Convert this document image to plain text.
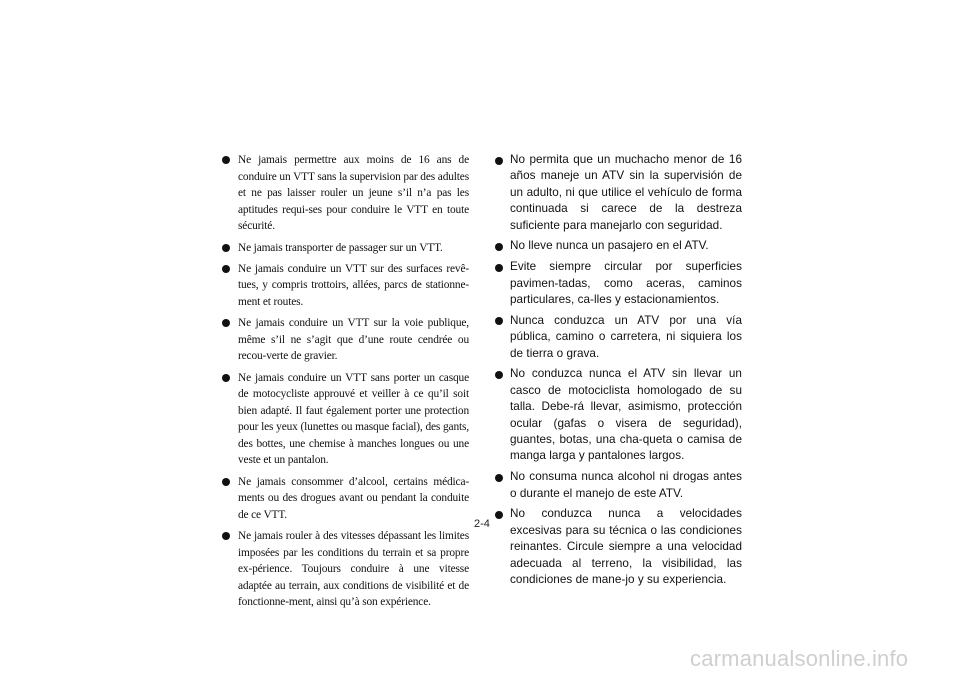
Ne jamais permettre aux moins de 16 ans de conduire un VTT sans la supervision par des adultes et ne pas laisser rouler un jeune s’il n’a pas les aptitudes requi-ses pour conduire le VTT en toute sécurité.
Ne jamais transporter de passager sur un VTT.
Ne jamais conduire un VTT sur des surfaces revê-tues, y compris trottoirs, allées, parcs de stationne-ment et routes.
Ne jamais conduire un VTT sur la voie publique, même s’il ne s’agit que d’une route cendrée ou recou-verte de gravier.
Ne jamais conduire un VTT sans porter un casque de motocycliste approuvé et veiller à ce qu’il soit bien adapté. Il faut également porter une protection pour les yeux (lunettes ou masque facial), des gants, des bottes, une chemise à manches longues ou une veste et un pantalon.
Ne jamais consommer d’alcool, certains médica-ments ou des drogues avant ou pendant la conduite de ce VTT.
Ne jamais rouler à des vitesses dépassant les limites imposées par les conditions du terrain et sa propre ex-périence. Toujours conduire à une vitesse adaptée au terrain, aux conditions de visibilité et de fonctionne-ment, ainsi qu’à son expérience.
No permita que un muchacho menor de 16 años maneje un ATV sin la supervisión de un adulto, ni que utilice el vehículo de forma continuada si carece de la destreza suficiente para manejarlo con seguridad.
No lleve nunca un pasajero en el ATV.
Evite siempre circular por superficies pavimen-tadas, como aceras, caminos particulares, ca-lles y estacionamientos.
Nunca conduzca un ATV por una vía pública, camino o carretera, ni siquiera los de tierra o grava.
No conduzca nunca el ATV sin llevar un casco de motociclista homologado de su talla. Debe-rá llevar, asimismo, protección ocular (gafas o visera de seguridad), guantes, botas, una cha-queta o camisa de manga larga y pantalones largos.
No consuma nunca alcohol ni drogas antes o durante el manejo de este ATV.
No conduzca nunca a velocidades excesivas para su técnica o las condiciones reinantes. Circule siempre a una velocidad adecuada al terreno, la visibilidad, las condiciones de mane-jo y su experiencia.
2-4
carmanualsonline.info
